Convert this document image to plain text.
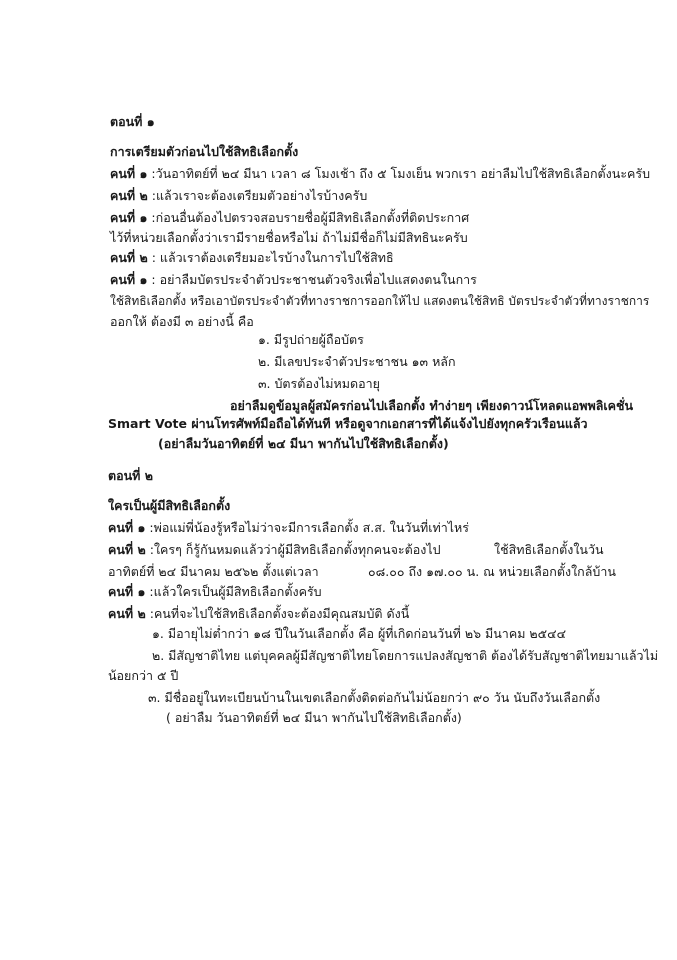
ตอนที่ ๑
การเตรียมตัวก่อนไปใช้สิทธิเลือกตั้ง
คนที่ ๑ :วันอาทิตย์ที่ ๒๔ มีนา เวลา ๘ โมงเช้า ถึง ๕ โมงเย็น พวกเรา อย่าลืมไปใช้สิทธิเลือกตั้งนะครับ
คนที่ ๒ :แล้วเราจะต้องเตรียมตัวอย่างไรบ้างครับ
คนที่ ๑ :ก่อนอื่นต้องไปตรวจสอบรายชื่อผู้มีสิทธิเลือกตั้งที่ติดประกาศ
ไว้ที่หน่วยเลือกตั้งว่าเรามีรายชื่อหรือไม่ ถ้าไม่มีชื่อก็ไม่มีสิทธินะครับ
คนที่ ๒ : แล้วเราต้องเตรียมอะไรบ้างในการไปใช้สิทธิ
คนที่ ๑ : อย่าลืมบัตรประจำตัวประชาชนตัวจริงเพื่อไปแสดงตนในการ
ใช้สิทธิเลือกตั้ง หรือเอาบัตรประจำตัวที่ทางราชการออกให้ไป แสดงตนใช้สิทธิ บัตรประจำตัวที่ทางราชการ
ออกให้ ต้องมี ๓ อย่างนี้ คือ
๑. มีรูปถ่ายผู้ถือบัตร
๒. มีเลขประจำตัวประชาชน ๑๓ หลัก
๓. บัตรต้องไม่หมดอายุ
อย่าลืมดูข้อมูลผู้สมัครก่อนไปเลือกตั้ง ทำง่ายๆ เพียงดาวน์โหลดแอพพลิเคชั่น
Smart Vote ผ่านโทรศัพท์มือถือได้ทันที หรือดูจากเอกสารที่ได้แจ้งไปยังทุกครัวเรือนแล้ว
(อย่าลืมวันอาทิตย์ที่ ๒๔ มีนา พากันไปใช้สิทธิเลือกตั้ง)
ตอนที่ ๒
ใครเป็นผู้มีสิทธิเลือกตั้ง
คนที่ ๑ :พ่อแม่พี่น้องรู้หรือไม่ว่าจะมีการเลือกตั้ง ส.ส. ในวันที่เท่าไหร่
คนที่ ๒ :ใครๆ ก็รู้กันหมดแล้วว่าผู้มีสิทธิเลือกตั้งทุกคนจะต้องไป	ใช้สิทธิเลือกตั้งในวัน
อาทิตย์ที่ ๒๔ มีนาคม ๒๕๖๒ ตั้งแต่เวลา	๐๘.๐๐ ถึง ๑๗.๐๐ น. ณ หน่วยเลือกตั้งใกล้บ้าน
คนที่ ๑ :แล้วใครเป็นผู้มีสิทธิเลือกตั้งครับ
คนที่ ๒ :คนที่จะไปใช้สิทธิเลือกตั้งจะต้องมีคุณสมบัติ ดังนี้
๑. มีอายุไม่ต่ำกว่า ๑๘ ปีในวันเลือกตั้ง คือ ผู้ที่เกิดก่อนวันที่ ๒๖ มีนาคม ๒๕๔๔
๒. มีสัญชาติไทย แต่บุคคลผู้มีสัญชาติไทยโดยการแปลงสัญชาติ ต้องได้รับสัญชาติไทยมาแล้วไม่
น้อยกว่า ๕ ปี
๓. มีชื่ออยู่ในทะเบียนบ้านในเขตเลือกตั้งติดต่อกันไม่น้อยกว่า ๙๐ วัน นับถึงวันเลือกตั้ง
( อย่าลืม วันอาทิตย์ที่ ๒๔ มีนา พากันไปใช้สิทธิเลือกตั้ง)
